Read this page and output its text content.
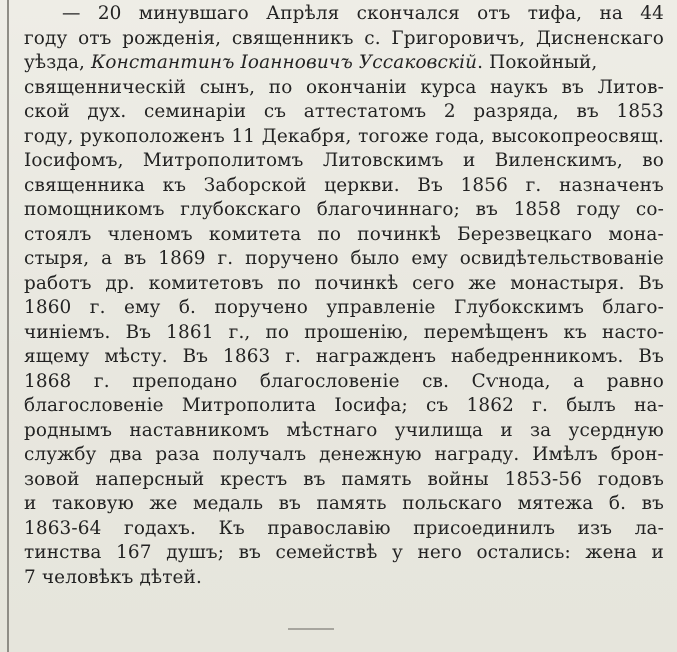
— 20 минувшаго Апрѣля скончался отъ тифа, на 44
году отъ рожденія, священникъ с. Григоровичъ, Дисненскаго
уѣзда, Константинъ Іоанновичъ Уссаковскій. Покойный,
священническій сынъ, по окончаніи курса наукъ въ Литов-
ской дух. семинаріи съ аттестатомъ 2 разряда, въ 1853
году, рукоположенъ 11 Декабря, тогоже года, высокопреосвящ.
Іосифомъ, Митрополитомъ Литовскимъ и Виленскимъ, во
священника къ Заборской церкви. Въ 1856 г. назначенъ
помощникомъ глубокскаго благочиннаго; въ 1858 году со-
стоялъ членомъ комитета по починкѣ Березвецкаго мона-
стыря, а въ 1869 г. поручено было ему освидѣтельствованіе
работъ др. комитетовъ по починкѣ сего же монастыря. Въ
1860 г. ему б. поручено управленіе Глубокскимъ благо-
чиніемъ. Въ 1861 г., по прошенію, перемѣщенъ къ насто-
ящему мѣсту. Въ 1863 г. награжденъ набедренникомъ. Въ
1868 г. преподано благословеніе св. Сѵнода, а равно
благословеніе Митрополита Іосифа; съ 1862 г. былъ на-
роднымъ наставникомъ мѣстнаго училища и за усердную
службу два раза получалъ денежную награду. Имѣлъ брон-
зовой наперсный крестъ въ память войны 1853-56 годовъ
и таковую же медаль въ память польскаго мятежа б. въ
1863-64 годахъ. Къ православію присоединилъ изъ ла-
тинства 167 душъ; въ семействѣ у него остались: жена и
7 человѣкъ дѣтей.
